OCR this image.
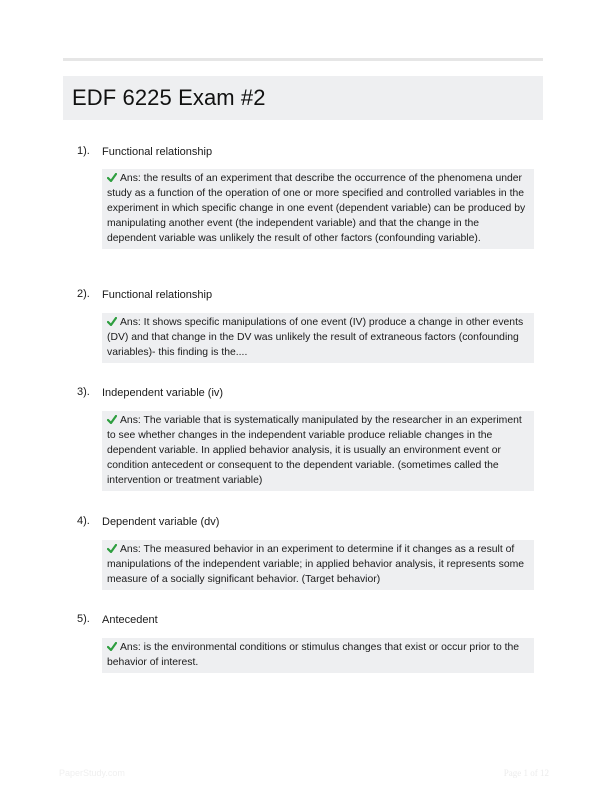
EDF 6225 Exam #2
1). Functional relationship
Ans: the results of an experiment that describe the occurrence of the phenomena under study as a function of the operation of one or more specified and controlled variables in the experiment in which specific change in one event (dependent variable) can be produced by manipulating another event (the independent variable) and that the change in the dependent variable was unlikely the result of other factors (confounding variable).
2). Functional relationship
Ans: It shows specific manipulations of one event (IV) produce a change in other events (DV) and that change in the DV was unlikely the result of extraneous factors (confounding variables)- this finding is the....
3). Independent variable (iv)
Ans: The variable that is systematically manipulated by the researcher in an experiment to see whether changes in the independent variable produce reliable changes in the dependent variable. In applied behavior analysis, it is usually an environment event or condition antecedent or consequent to the dependent variable. (sometimes called the intervention or treatment variable)
4). Dependent variable (dv)
Ans: The measured behavior in an experiment to determine if it changes as a result of manipulations of the independent variable; in applied behavior analysis, it represents some measure of a socially significant behavior. (Target behavior)
5). Antecedent
Ans: is the environmental conditions or stimulus changes that exist or occur prior to the behavior of interest.
PaperStudy.com	Page 1 of 12
